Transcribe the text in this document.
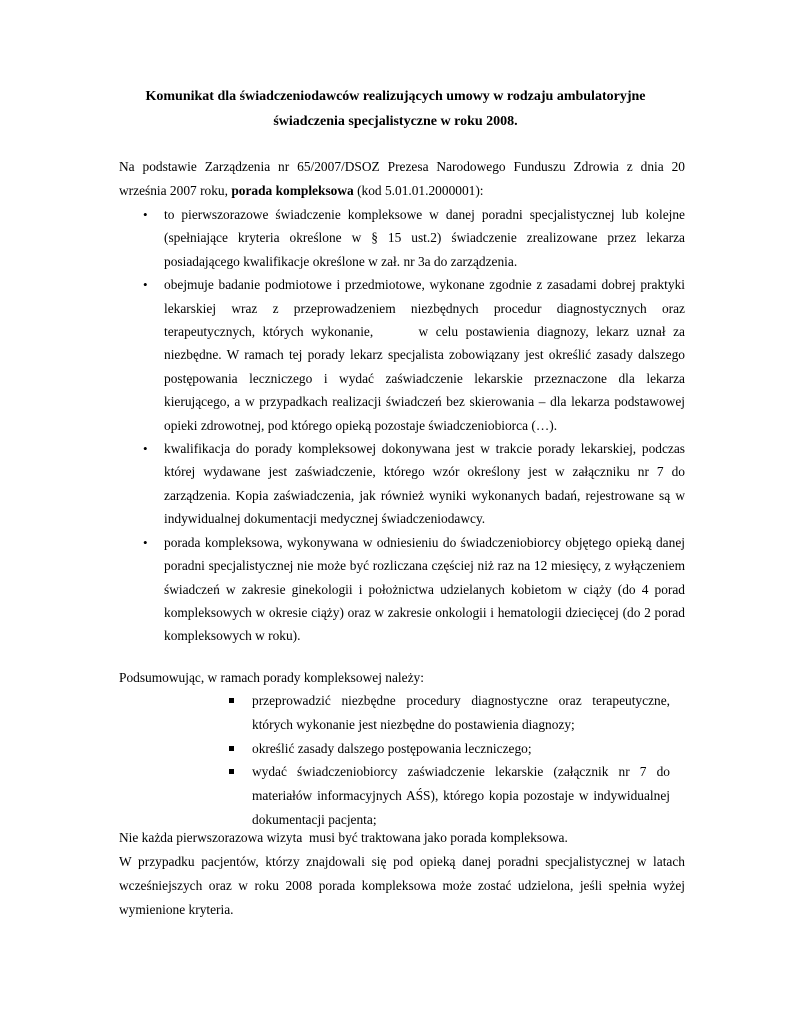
Komunikat dla świadczeniodawców realizujących umowy w rodzaju ambulatoryjne
świadczenia specjalistyczne w roku 2008.

Na podstawie Zarządzenia nr 65/2007/DSOZ Prezesa Narodowego Funduszu Zdrowia z dnia 20 września 2007 roku, porada kompleksowa (kod 5.01.01.2000001):

• to pierwszorazowe świadczenie kompleksowe w danej poradni specjalistycznej lub kolejne (spełniające kryteria określone w § 15 ust.2) świadczenie zrealizowane przez lekarza posiadającego kwalifikacje określone w zał. nr 3a do zarządzenia.
• obejmuje badanie podmiotowe i przedmiotowe, wykonane zgodnie z zasadami dobrej praktyki lekarskiej wraz z przeprowadzeniem niezbędnych procedur diagnostycznych oraz terapeutycznych, których wykonanie,      w celu postawienia diagnozy, lekarz uznał za niezbędne. W ramach tej porady lekarz specjalista zobowiązany jest określić zasady dalszego postępowania leczniczego i wydać zaświadczenie lekarskie przeznaczone dla lekarza kierującego, a w przypadkach realizacji świadczeń bez skierowania – dla lekarza podstawowej opieki zdrowotnej, pod którego opieką pozostaje świadczeniobiorca (…).
• kwalifikacja do porady kompleksowej dokonywana jest w trakcie porady lekarskiej, podczas której wydawane jest zaświadczenie, którego wzór określony jest w załączniku nr 7 do zarządzenia. Kopia zaświadczenia, jak również wyniki wykonanych badań, rejestrowane są w indywidualnej dokumentacji medycznej świadczeniodawcy.
• porada kompleksowa, wykonywana w odniesieniu do świadczeniobiorcy objętego opieką danej poradni specjalistycznej nie może być rozliczana częściej niż raz na 12 miesięcy, z wyłączeniem świadczeń w zakresie ginekologii i położnictwa udzielanych kobietom w ciąży (do 4 porad kompleksowych w okresie ciąży) oraz w zakresie onkologii i hematologii dziecięcej (do 2 porad kompleksowych w roku).

Podsumowując, w ramach porady kompleksowej należy:

przeprowadzić niezbędne procedury diagnostyczne oraz terapeutyczne, których wykonanie jest niezbędne do postawienia diagnozy;
określić zasady dalszego postępowania leczniczego;
wydać świadczeniobiorcy zaświadczenie lekarskie (załącznik nr 7 do materiałów informacyjnych AŚS), którego kopia pozostaje w indywidualnej dokumentacji pacjenta;

Nie każda pierwszorazowa wizyta  musi być traktowana jako porada kompleksowa.

W przypadku pacjentów, którzy znajdowali się pod opieką danej poradni specjalistycznej w latach wcześniejszych oraz w roku 2008 porada kompleksowa może zostać udzielona, jeśli spełnia wyżej wymienione kryteria.
